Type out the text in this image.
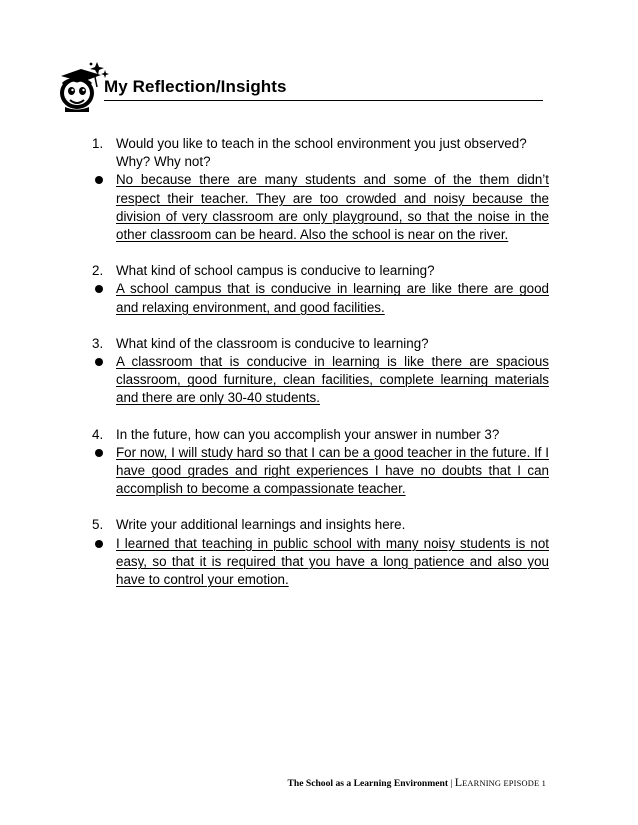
My Reflection/Insights
1. Would you like to teach in the school environment you just observed? Why? Why not?
No because there are many students and some of the them didn’t respect their teacher. They are too crowded and noisy because the division of very classroom are only playground, so that the noise in the other classroom can be heard. Also the school is near on the river.
2. What kind of school campus is conducive to learning?
A school campus that is conducive in learning are like there are good and relaxing environment, and good facilities.
3. What kind of the classroom is conducive to learning?
A classroom that is conducive in learning is like there are spacious classroom, good furniture, clean facilities, complete learning materials and there are only 30-40 students.
4. In the future, how can you accomplish your answer in number 3?
For now, I will study hard so that I can be a good teacher in the future. If I have good grades and right experiences I have no doubts that I can accomplish to become a compassionate teacher.
5. Write your additional learnings and insights here.
I learned that teaching in public school with many noisy students is not easy, so that it is required that you have a long patience and also you have to control your emotion.
The School as a Learning Environment | LEARNING EPISODE 1
